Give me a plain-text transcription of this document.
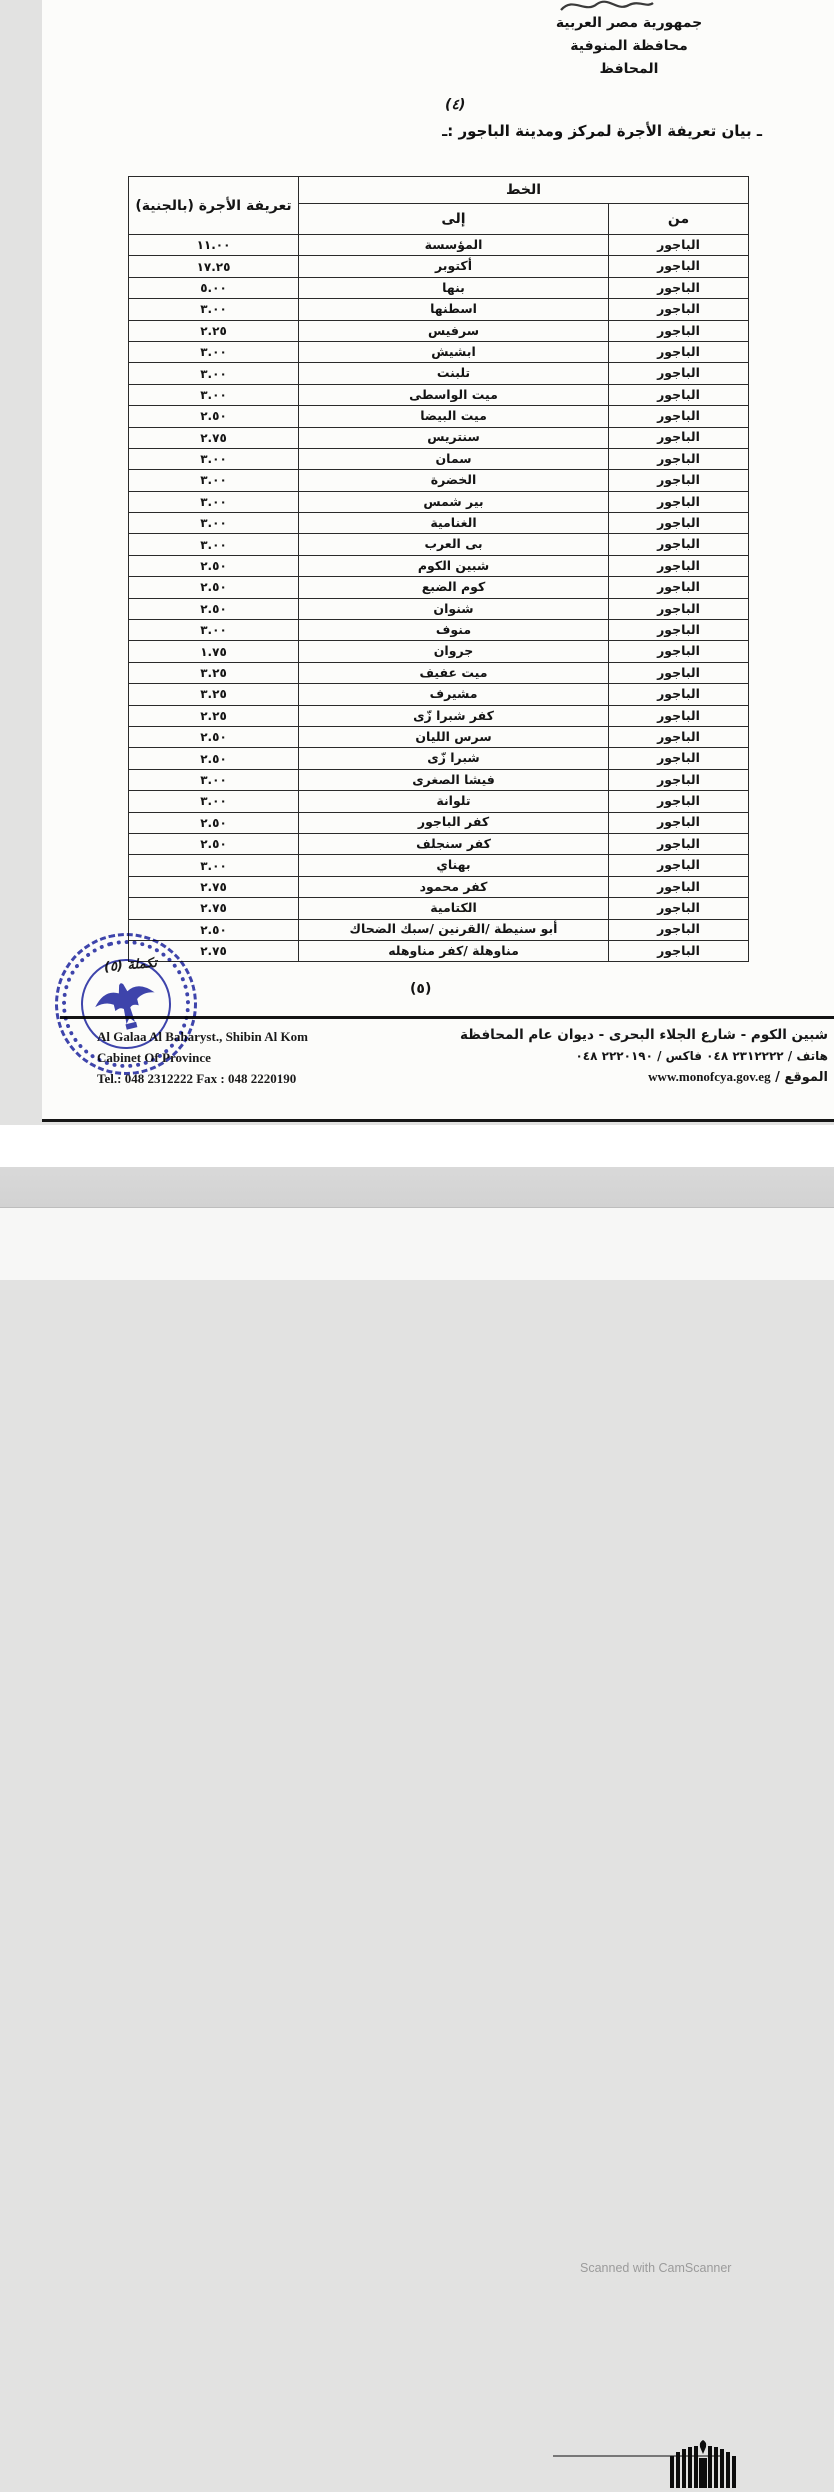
جمهورية مصر العربية
محافظة المنوفية
المحافظ
(٤)
ـ بيان تعريفة الأجرة لمركز ومدينة الباجور :ـ
الخط		تعريفة الأجرة (بالجنية)
من	إلى	
الباجور	المؤسسة	١١.٠٠
الباجور	أكتوبر	١٧.٢٥
الباجور	بنها	٥.٠٠
الباجور	اسطنها	٣.٠٠
الباجور	سرفيس	٢.٢٥
الباجور	ابشيش	٣.٠٠
الباجور	تلبنت	٣.٠٠
الباجور	ميت الواسطى	٣.٠٠
الباجور	ميت البيضا	٢.٥٠
الباجور	سنتريس	٢.٧٥
الباجور	سمان	٣.٠٠
الباجور	الخضرة	٣.٠٠
الباجور	بير شمس	٣.٠٠
الباجور	الغنامية	٣.٠٠
الباجور	بى العرب	٣.٠٠
الباجور	شبين الكوم	٢.٥٠
الباجور	كوم الضبع	٢.٥٠
الباجور	شنوان	٢.٥٠
الباجور	منوف	٣.٠٠
الباجور	جروان	١.٧٥
الباجور	ميت عفيف	٣.٢٥
الباجور	مشيرف	٣.٢٥
الباجور	كفر شبرا زّى	٢.٢٥
الباجور	سرس الليان	٢.٥٠
الباجور	شبرا زّى	٢.٥٠
الباجور	فيشا الصغرى	٣.٠٠
الباجور	تلوانة	٣.٠٠
الباجور	كفر الباجور	٢.٥٠
الباجور	كفر سنجلف	٢.٥٠
الباجور	بهناي	٣.٠٠
الباجور	كفر محمود	٢.٧٥
الباجور	الكتامية	٢.٧٥
الباجور	أبو سنيطة /القرنين /سبك الضحاك	٢.٥٠
الباجور	مناوهلة /كفر مناوهله	٢.٧٥
تكملة (٥)
(٥)
شبين الكوم - شارع الجلاء البحرى - ديوان عام المحافظة
هاتف / ٢٣١٢٢٢٢ ٠٤٨ فاكس / ٢٢٢٠١٩٠ ٠٤٨
الموقع / www.monofcya.gov.eg
Al Galaa Al Baharyst., Shibin Al Kom
Cabinet Of Province
Tel.: 048 2312222 Fax : 048 2220190
Scanned with CamScanner
